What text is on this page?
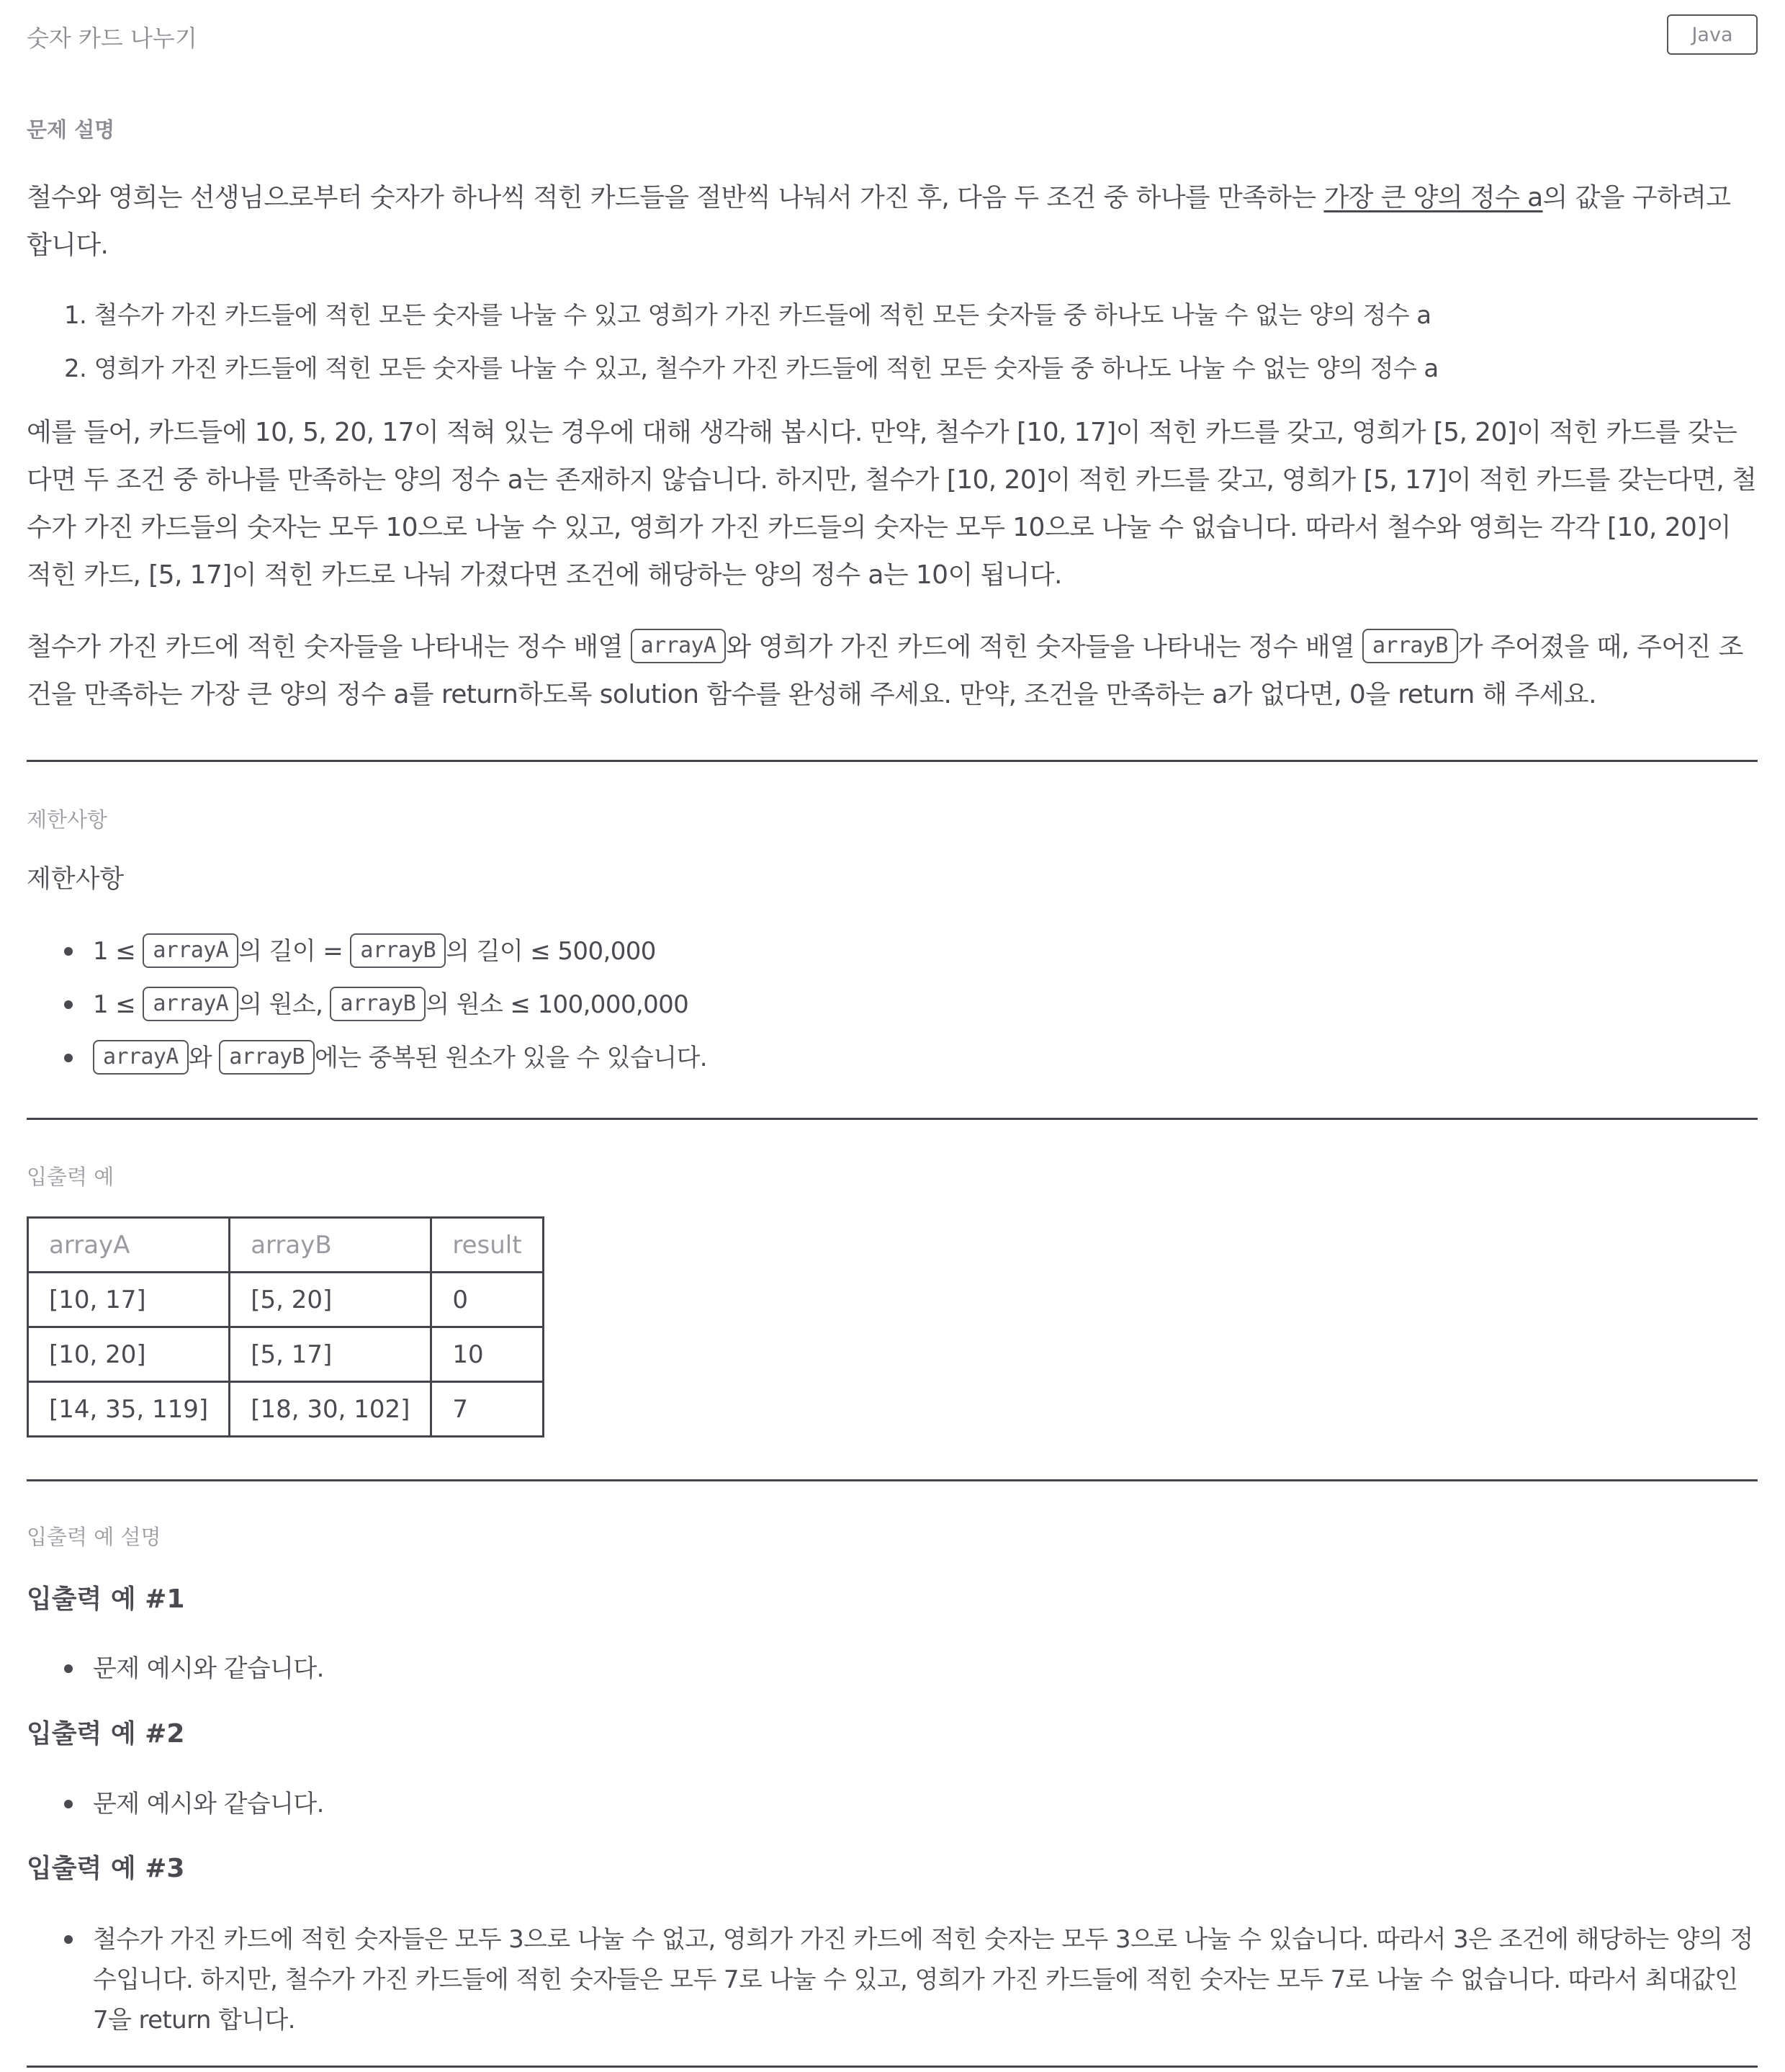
숫자 카드 나누기	Java
문제 설명
철수와 영희는 선생님으로부터 숫자가 하나씩 적힌 카드들을 절반씩 나눠서 가진 후, 다음 두 조건 중 하나를 만족하는 가장 큰 양의 정수 a의 값을 구하려고 합니다.
1. 철수가 가진 카드들에 적힌 모든 숫자를 나눌 수 있고 영희가 가진 카드들에 적힌 모든 숫자들 중 하나도 나눌 수 없는 양의 정수 a
2. 영희가 가진 카드들에 적힌 모든 숫자를 나눌 수 있고, 철수가 가진 카드들에 적힌 모든 숫자들 중 하나도 나눌 수 없는 양의 정수 a
예를 들어, 카드들에 10, 5, 20, 17이 적혀 있는 경우에 대해 생각해 봅시다. 만약, 철수가 [10, 17]이 적힌 카드를 갖고, 영희가 [5, 20]이 적힌 카드를 갖는다면 두 조건 중 하나를 만족하는 양의 정수 a는 존재하지 않습니다. 하지만, 철수가 [10, 20]이 적힌 카드를 갖고, 영희가 [5, 17]이 적힌 카드를 갖는다면, 철수가 가진 카드들의 숫자는 모두 10으로 나눌 수 있고, 영희가 가진 카드들의 숫자는 모두 10으로 나눌 수 없습니다. 따라서 철수와 영희는 각각 [10, 20]이 적힌 카드, [5, 17]이 적힌 카드로 나눠 가졌다면 조건에 해당하는 양의 정수 a는 10이 됩니다.
철수가 가진 카드에 적힌 숫자들을 나타내는 정수 배열 arrayA 와 영희가 가진 카드에 적힌 숫자들을 나타내는 정수 배열 arrayB 가 주어졌을 때, 주어진 조건을 만족하는 가장 큰 양의 정수 a를 return하도록 solution 함수를 완성해 주세요. 만약, 조건을 만족하는 a가 없다면, 0을 return 해 주세요.
제한사항
제한사항
1 ≤ arrayA 의 길이 = arrayB 의 길이 ≤ 500,000
1 ≤ arrayA 의 원소, arrayB 의 원소 ≤ 100,000,000
arrayA 와 arrayB 에는 중복된 원소가 있을 수 있습니다.
입출력 예
arrayA	arrayB	result
[10, 17]	[5, 20]	0
[10, 20]	[5, 17]	10
[14, 35, 119]	[18, 30, 102]	7
입출력 예 설명
입출력 예 #1
문제 예시와 같습니다.
입출력 예 #2
문제 예시와 같습니다.
입출력 예 #3
철수가 가진 카드에 적힌 숫자들은 모두 3으로 나눌 수 없고, 영희가 가진 카드에 적힌 숫자는 모두 3으로 나눌 수 있습니다. 따라서 3은 조건에 해당하는 양의 정수입니다. 하지만, 철수가 가진 카드들에 적힌 숫자들은 모두 7로 나눌 수 있고, 영희가 가진 카드들에 적힌 숫자는 모두 7로 나눌 수 없습니다. 따라서 최대값인 7을 return 합니다.
